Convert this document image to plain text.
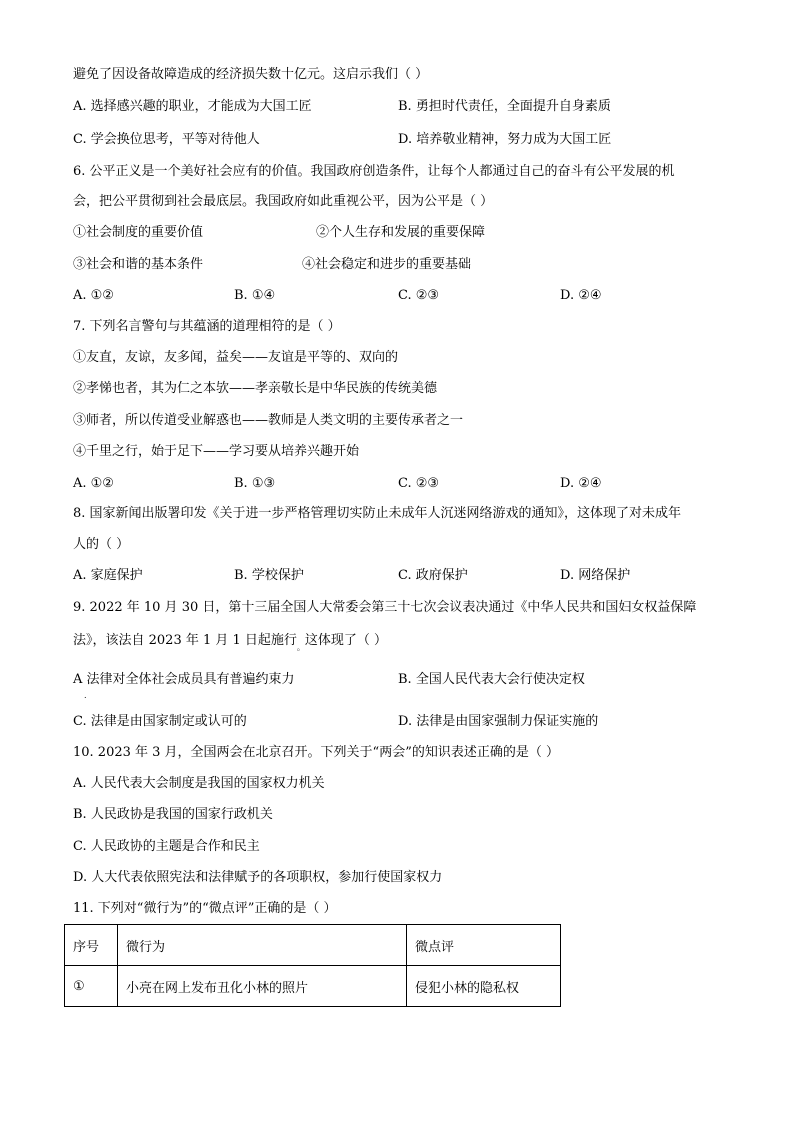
避免了因设备故障造成的经济损失数十亿元。这启示我们（ ）
A. 选择感兴趣的职业，才能成为大国工匠	B. 勇担时代责任，全面提升自身素质
C. 学会换位思考，平等对待他人	D. 培养敬业精神，努力成为大国工匠
6. 公平正义是一个美好社会应有的价值。我国政府创造条件，让每个人都通过自己的奋斗有公平发展的机
会，把公平贯彻到社会最底层。我国政府如此重视公平，因为公平是（ ）
①社会制度的重要价值	②个人生存和发展的重要保障
③社会和谐的基本条件	④社会稳定和进步的重要基础
A. ①②	B. ①④	C. ②③	D. ②④
7. 下列名言警句与其蕴涵的道理相符的是（ ）
①友直，友谅，友多闻，益矣——友谊是平等的、双向的
②孝悌也者，其为仁之本欤——孝亲敬长是中华民族的传统美德
③师者，所以传道受业解惑也——教师是人类文明的主要传承者之一
④千里之行，始于足下——学习要从培养兴趣开始
A. ①②	B. ①③	C. ②③	D. ②④
8. 国家新闻出版署印发《关于进一步严格管理切实防止未成年人沉迷网络游戏的通知》，这体现了对未成年
人的（ ）
A. 家庭保护	B. 学校保护	C. 政府保护	D. 网络保护
9. 2022 年 10 月 30 日，第十三届全国人大常委会第三十七次会议表决通过《中华人民共和国妇女权益保障
法》，该法自 2023 年 1 月 1 日起施行$_。$这体现了（ ）
A 法律对全体社会成员具有普遍约束力
.
B. 全国人民代表大会行使决定权
C. 法律是由国家制定或认可的	D. 法律是由国家强制力保证实施的
10. 2023 年 3 月，全国两会在北京召开。下列关于“两会”的知识表述正确的是（ ）
A. 人民代表大会制度是我国的国家权力机关
B. 人民政协是我国的国家行政机关
C. 人民政协的主题是合作和民主
D. 人大代表依照宪法和法律赋予的各项职权，参加行使国家权力
11. 下列对“微行为”的“微点评”正确的是（ ）
序号	微行为	微点评
①	小亮在网上发布丑化小林的照片	侵犯小林的隐私权
